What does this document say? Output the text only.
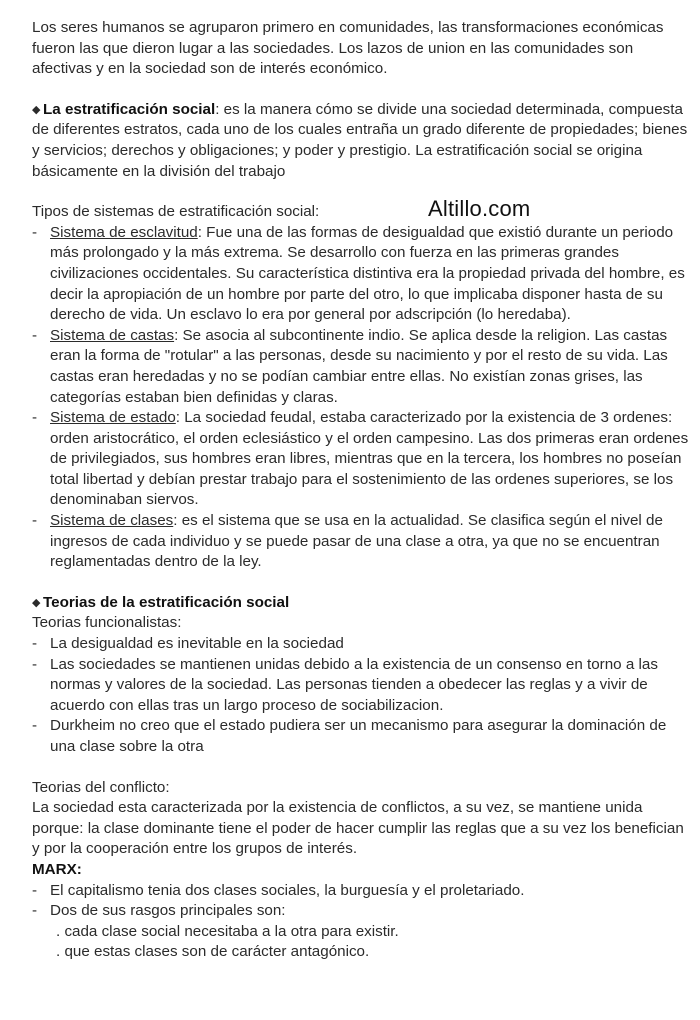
Los seres humanos se agruparon primero en comunidades, las transformaciones económicas fueron las que dieron lugar a las sociedades. Los lazos de union en las comunidades son afectivas y en la sociedad son de interés económico.

◆ La estratificación social: es la manera cómo se divide una sociedad determinada, compuesta de diferentes estratos, cada uno de los cuales entraña un grado diferente de propiedades; bienes y servicios; derechos y obligaciones; y poder y prestigio. La estratificación social se origina básicamente en la división del trabajo

Tipos de sistemas de estratificación social:

- Sistema de esclavitud: Fue una de las formas de desigualdad que existió durante un periodo más prolongado y la más extrema. Se desarrollo con fuerza en las primeras grandes civilizaciones occidentales. Su característica distintiva era la propiedad privada del hombre, es decir la apropiación de un hombre por parte del otro, lo que implicaba disponer hasta de su derecho de vida. Un esclavo lo era por general por adscripción (lo heredaba).
- Sistema de castas: Se asocia al subcontinente indio. Se aplica desde la religion. Las castas eran la forma de "rotular" a las personas, desde su nacimiento y por el resto de su vida. Las castas eran heredadas y no se podían cambiar entre ellas. No existían zonas grises, las categorías estaban bien definidas y claras.
- Sistema de estado: La sociedad feudal, estaba caracterizado por la existencia de 3 ordenes: orden aristocrático, el orden eclesiástico y el orden campesino. Las dos primeras eran ordenes de privilegiados, sus hombres eran libres, mientras que en la tercera, los hombres no poseían total libertad y debían prestar trabajo para el sostenimiento de las ordenes superiores, se los denominaban siervos.
- Sistema de clases: es el sistema que se usa en la actualidad. Se clasifica según el nivel de ingresos de cada individuo y se puede pasar de una clase a otra, ya que no se encuentran reglamentadas dentro de la ley.

◆ Teorias de la estratificación social

Teorias funcionalistas:

- La desigualdad es inevitable en la sociedad
- Las sociedades se mantienen unidas debido a la existencia de un consenso en torno a las normas y valores de la sociedad. Las personas tienden a obedecer las reglas y a vivir de acuerdo con ellas tras un largo proceso de sociabilizacion.
- Durkheim no creo que el estado pudiera ser un mecanismo para asegurar la dominación de una clase sobre la otra

Teorias del conflicto:

La sociedad esta caracterizada por la existencia de conflictos, a su vez, se mantiene unida porque: la clase dominante tiene el poder de hacer cumplir las reglas que a su vez los benefician y por la cooperación entre los grupos de interés.

MARX:

- El capitalismo tenia dos clases sociales, la burguesía y el proletariado.
- Dos de sus rasgos principales son:

. cada clase social necesitaba a la otra para existir.

. que estas clases son de carácter antagónico.

Altillo.com
